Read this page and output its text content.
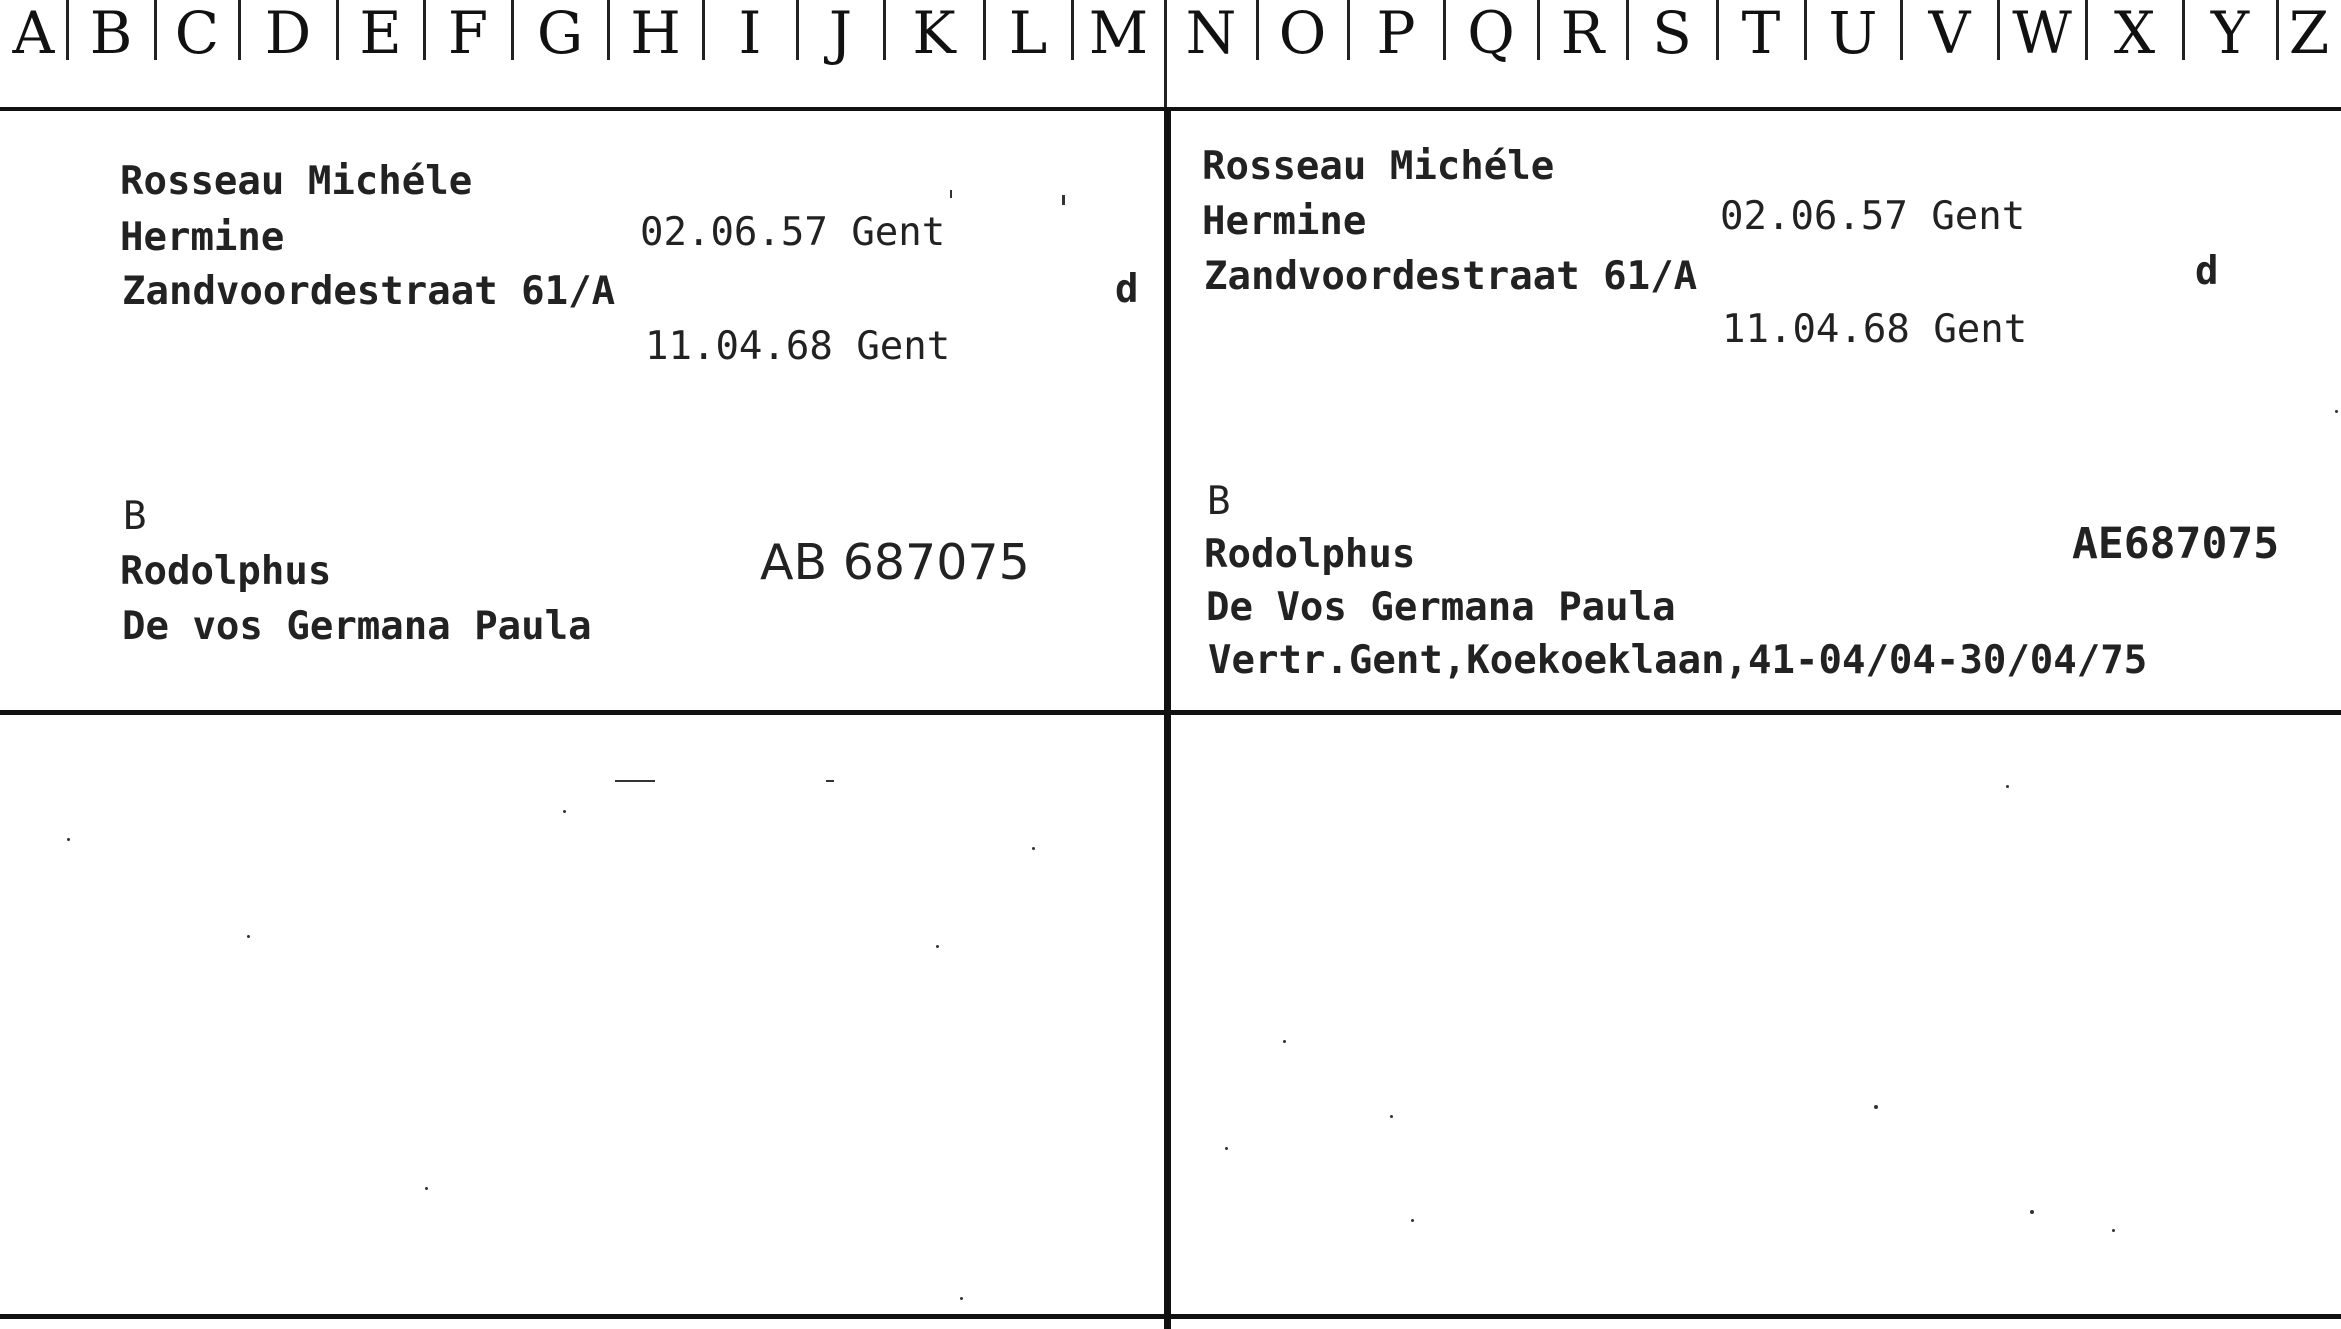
A B C D E F G H I	J	K L M N O P Q R S T U V W X Y Z
Rosseau Michéle
Hermine	02.06.57 Gent
Zandvoordestraat 61/A	d
11.04.68 Gent
B
Rodolphus	AB 687075
De vos Germana Paula
Rosseau Michéle
Hermine	02.06.57 Gent
Zandvoordestraat 61/A	d
11.04.68 Gent
B
Rodolphus	AE687075
De Vos Germana Paula
Vertr.Gent,Koekoeklaan,41-04/04-30/04/75
